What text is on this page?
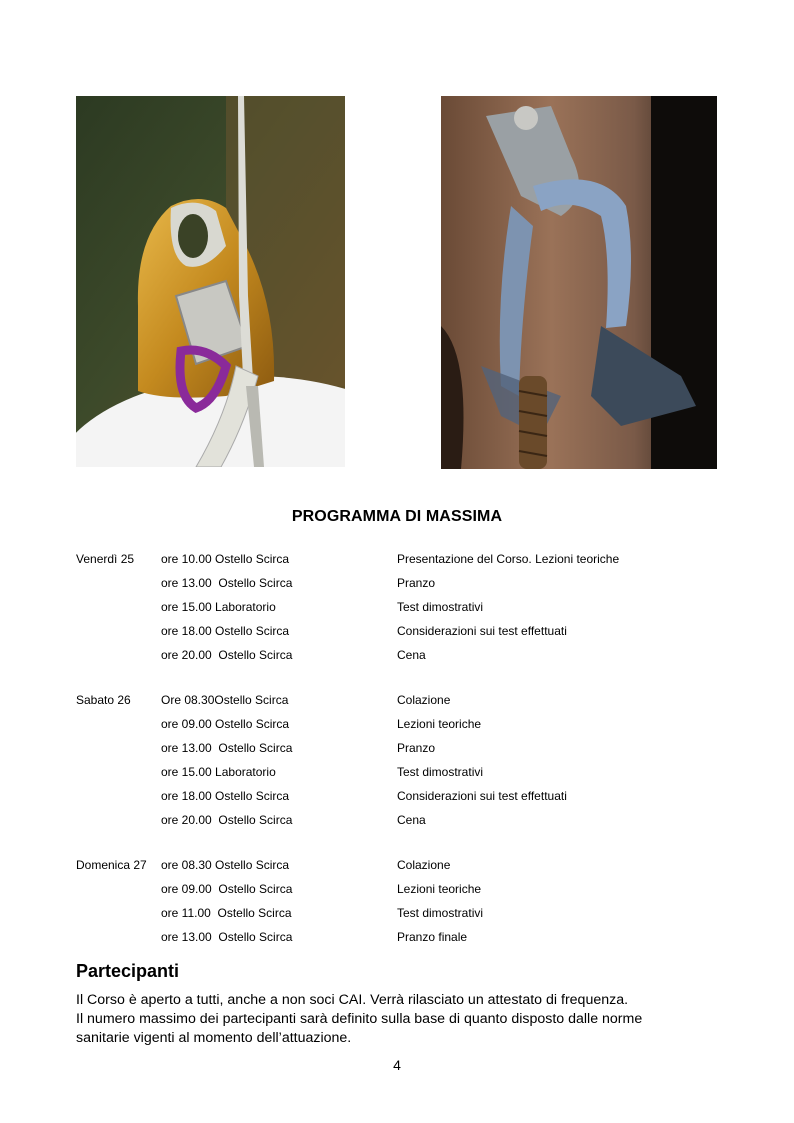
PROGRAMMA DI MASSIMA
Venerdì 25 ore 10.00 Ostello Scirca	Presentazione del Corso. Lezioni teoriche
ore 13.00  Ostello Scirca	Pranzo
ore 15.00 Laboratorio	Test dimostrativi
ore 18.00 Ostello Scirca	Considerazioni sui test effettuati
ore 20.00  Ostello Scirca	Cena
Sabato 26	Ore 08.30Ostello Scirca	Colazione
ore 09.00 Ostello Scirca	Lezioni teoriche
ore 13.00  Ostello Scirca	Pranzo
ore 15.00 Laboratorio	Test dimostrativi
ore 18.00 Ostello Scirca	Considerazioni sui test effettuati
ore 20.00  Ostello Scirca	Cena
Domenica 27 ore 08.30 Ostello Scirca	Colazione
ore 09.00  Ostello Scirca	Lezioni teoriche
ore 11.00  Ostello Scirca	Test dimostrativi
ore 13.00  Ostello Scirca	Pranzo finale
Partecipanti
Il Corso è aperto a tutti, anche a non soci CAI. Verrà rilasciato un attestato di frequenza.
Il numero massimo dei partecipanti sarà definito sulla base di quanto disposto dalle norme
sanitarie vigenti al momento dell’attuazione.
4
